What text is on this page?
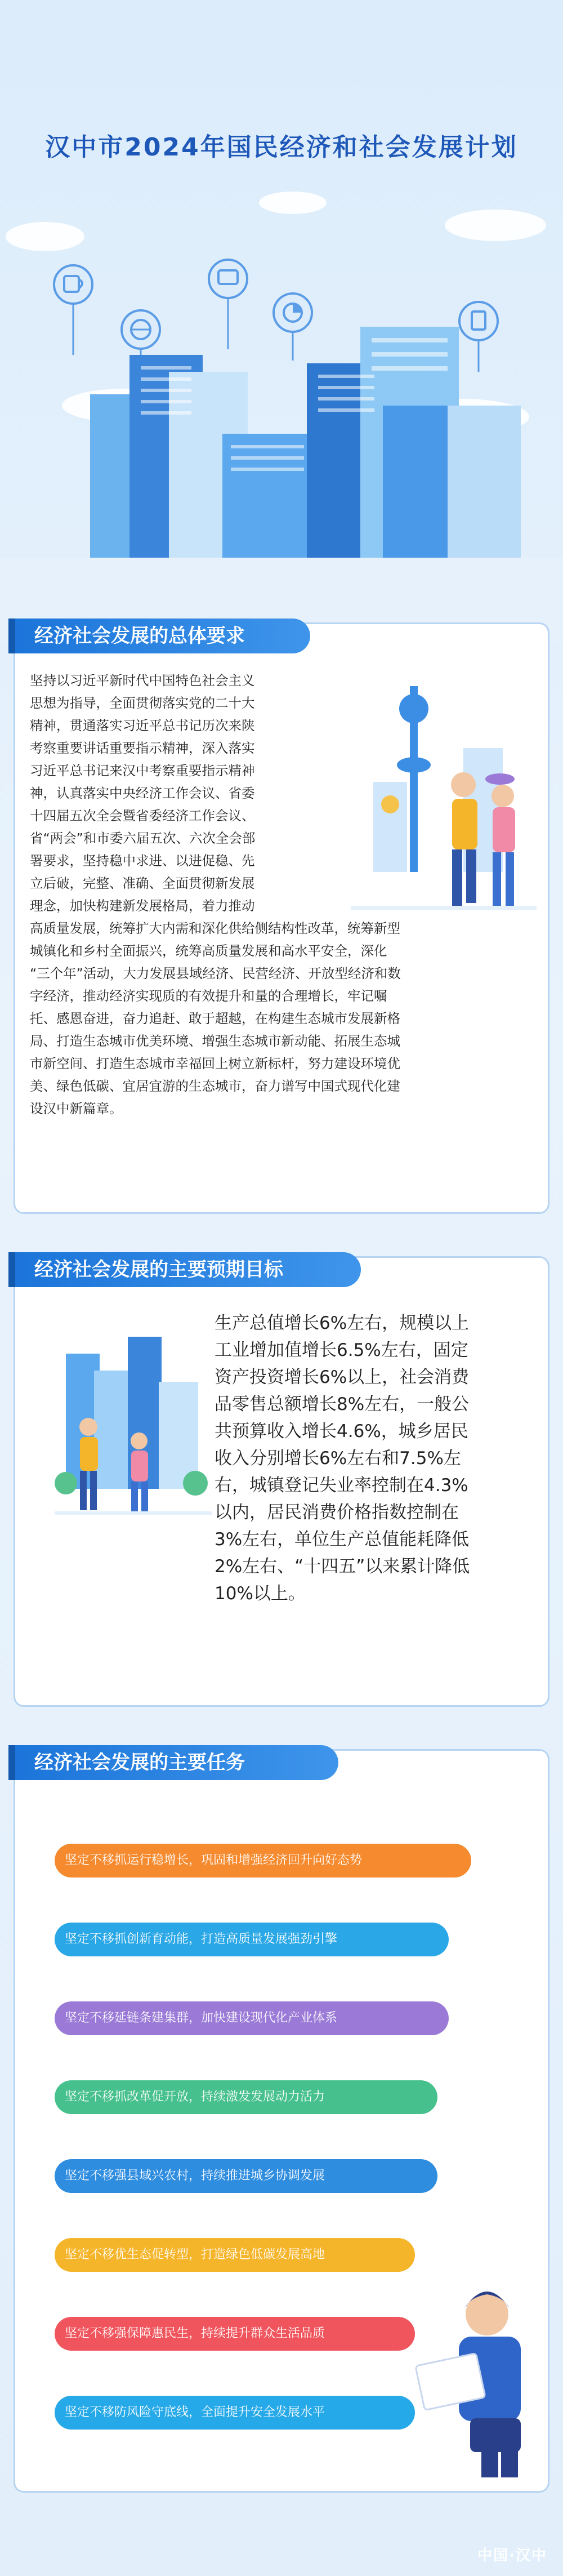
汉中市2024年国民经济和社会发展计划
经济社会发展的总体要求
坚持以习近平新时代中国特色社会主义
思想为指导，全面贯彻落实党的二十大
精神，贯通落实习近平总书记历次来陕
考察重要讲话重要指示精神，深入落实
习近平总书记来汉中考察重要指示精神
神，认真落实中央经济工作会议、省委
十四届五次全会暨省委经济工作会议、
省“两会”和市委六届五次、六次全会部
署要求，坚持稳中求进、以进促稳、先
立后破，完整、准确、全面贯彻新发展
理念，加快构建新发展格局，着力推动
高质量发展，统筹扩大内需和深化供给侧结构性改革，统筹新型
城镇化和乡村全面振兴，统筹高质量发展和高水平安全，深化
“三个年”活动，大力发展县域经济、民营经济、开放型经济和数
字经济，推动经济实现质的有效提升和量的合理增长，牢记嘱
托、感恩奋进，奋力追赶、敢于超越，在构建生态城市发展新格
局、打造生态城市优美环境、增强生态城市新动能、拓展生态城
市新空间、打造生态城市幸福回上树立新标杆，努力建设环境优
美、绿色低碳、宜居宜游的生态城市，奋力谱写中国式现代化建
设汉中新篇章。
经济社会发展的主要预期目标
生产总值增长6%左右，规模以上
工业增加值增长6.5%左右，固定
资产投资增长6%以上，社会消费
品零售总额增长8%左右，一般公
共预算收入增长4.6%，城乡居民
收入分别增长6%左右和7.5%左
右，城镇登记失业率控制在4.3%
以内，居民消费价格指数控制在
3%左右，单位生产总值能耗降低
2%左右、“十四五”以来累计降低
10%以上。
经济社会发展的主要任务
坚定不移抓运行稳增长，巩固和增强经济回升向好态势
坚定不移抓创新育动能，打造高质量发展强劲引擎
坚定不移延链条建集群，加快建设现代化产业体系
坚定不移抓改革促开放，持续激发发展动力活力
坚定不移强县域兴农村，持续推进城乡协调发展
坚定不移优生态促转型，打造绿色低碳发展高地
坚定不移强保障惠民生，持续提升群众生活品质
坚定不移防风险守底线，全面提升安全发展水平
中国·汉中
